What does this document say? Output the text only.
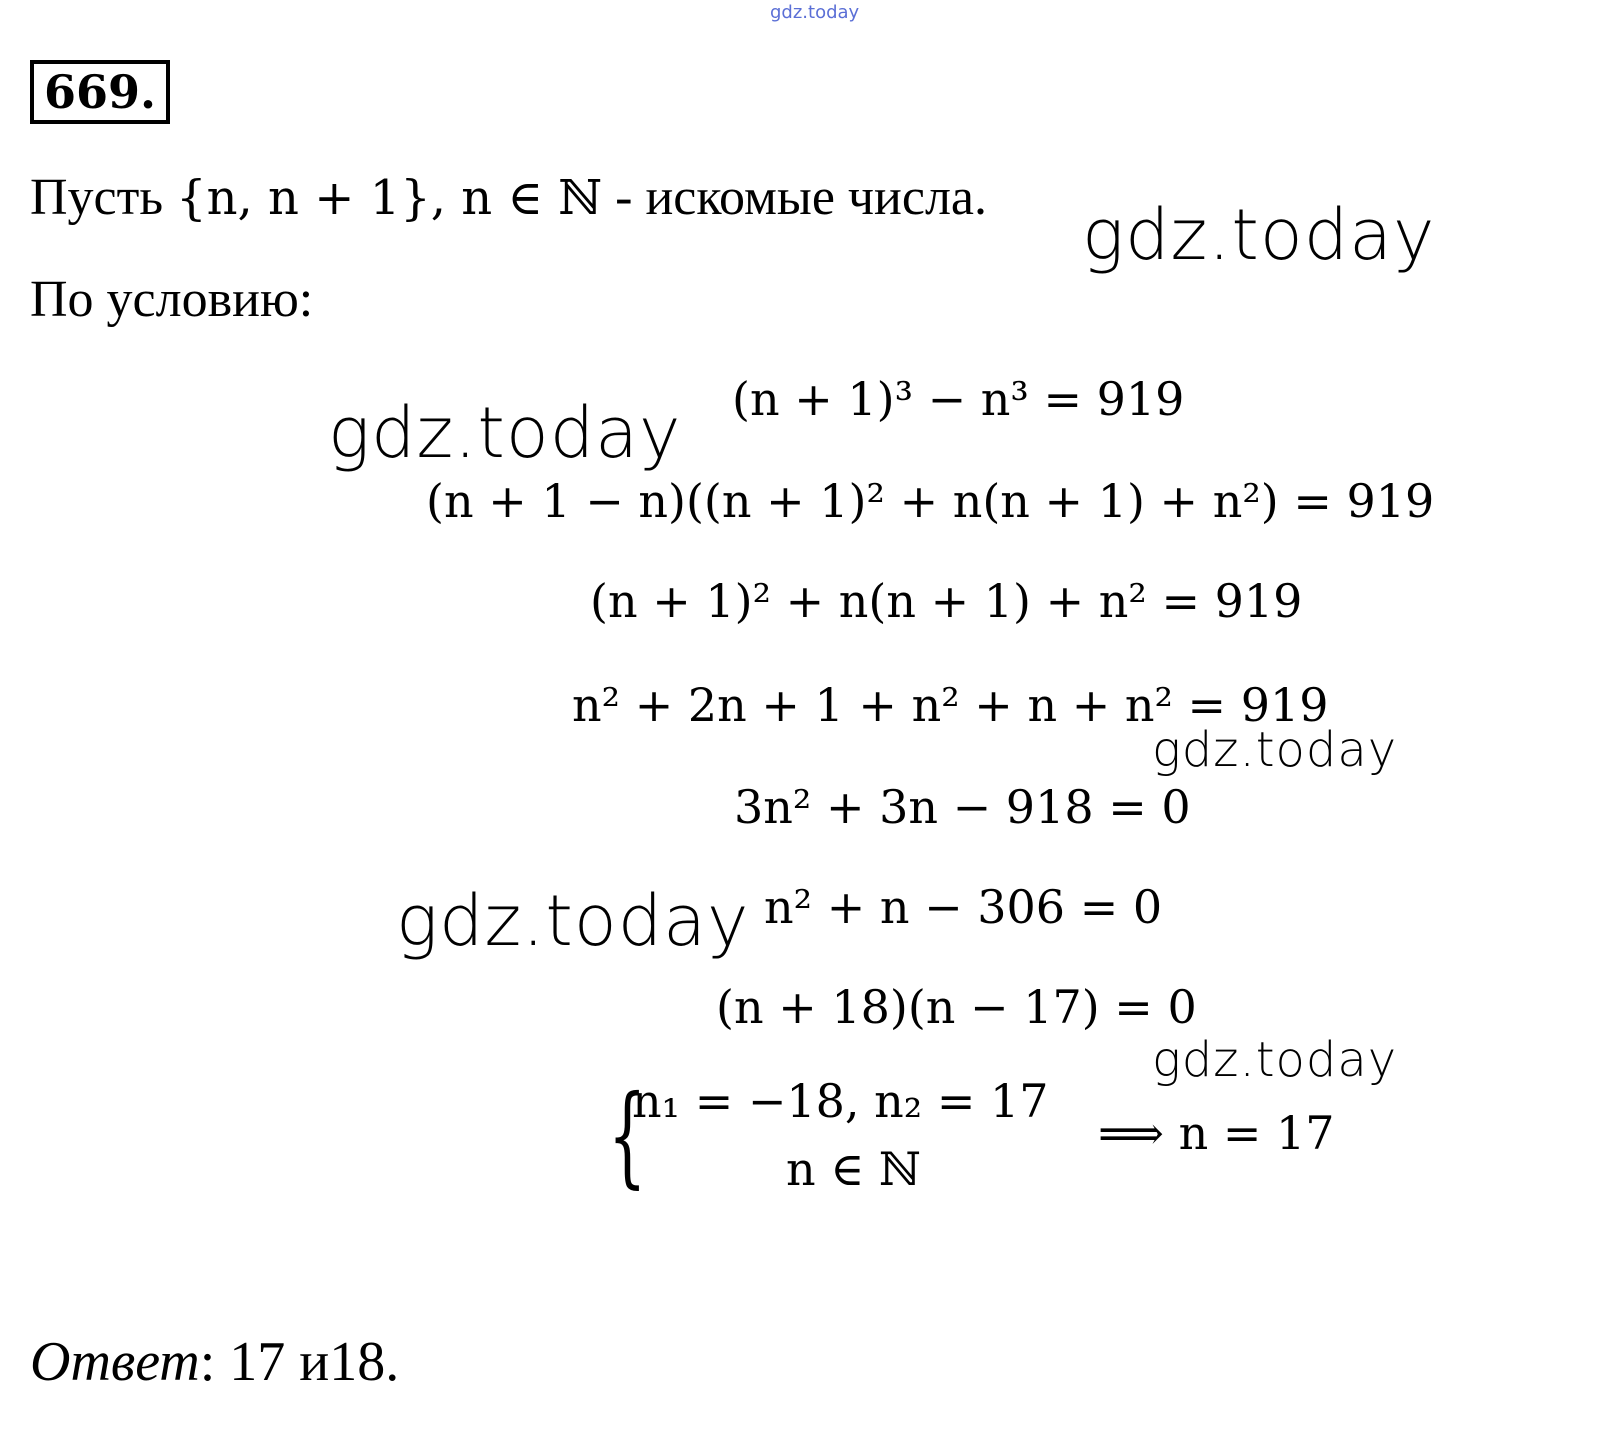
gdz.today
669.
Пусть {n, n + 1}, n ∈ ℕ - искомые числа.
По условию:
(n + 1)³ − n³ = 919
(n + 1 − n)((n + 1)² + n(n + 1) + n²) = 919
(n + 1)² + n(n + 1) + n² = 919
n² + 2n + 1 + n² + n + n² = 919
3n² + 3n − 918 = 0
n² + n − 306 = 0
(n + 18)(n − 17) = 0
{
n₁ = −18, n₂ = 17
n ∈ ℕ
⟹ n = 17
Ответ: 17 и18.
gdz.today
gdz.today
gdz.today
gdz.today
gdz.today
